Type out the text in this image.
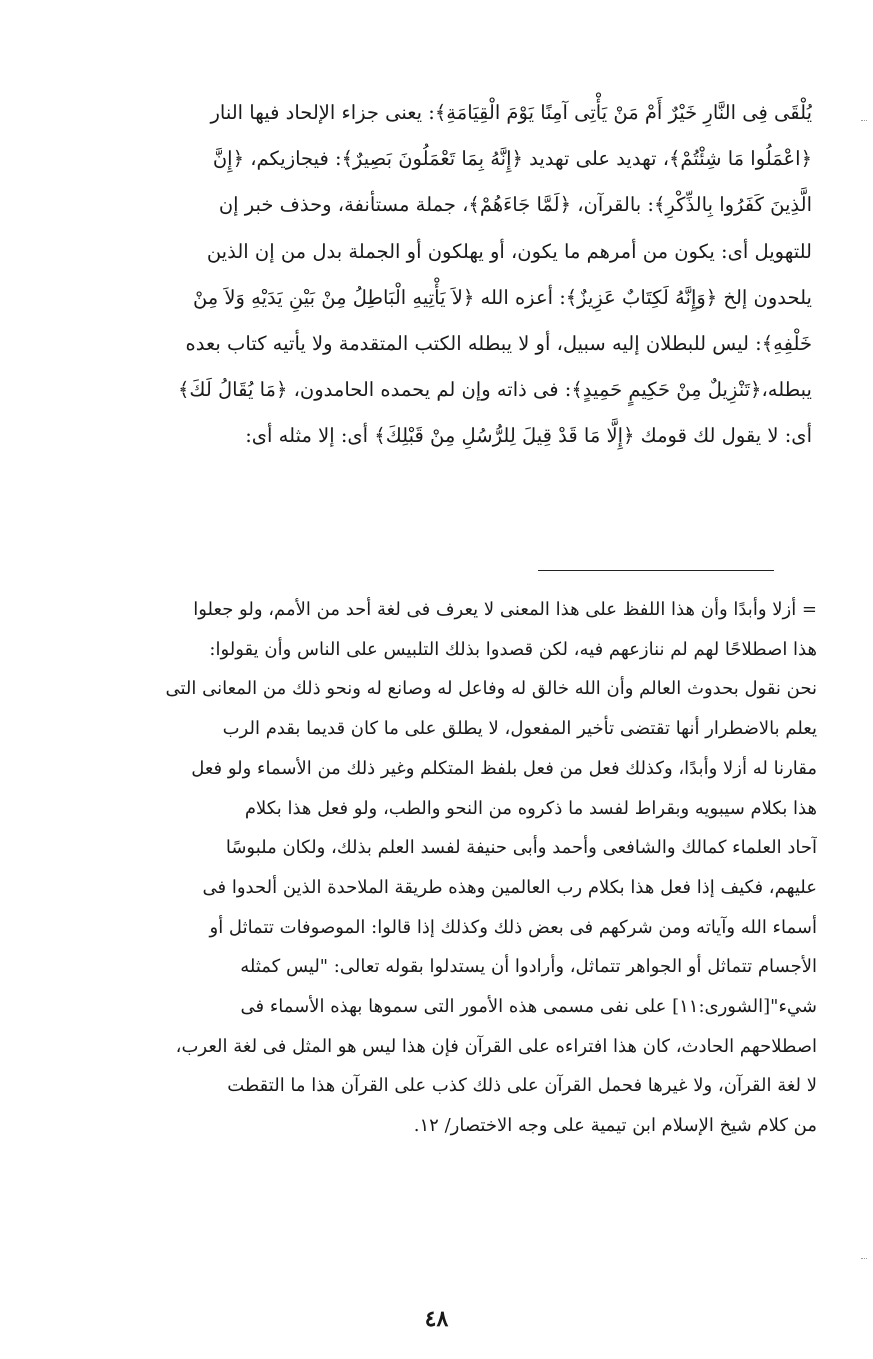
يُلْقَى فِى النَّارِ خَيْرٌ أَمْ مَنْ يَأْتِى آمِنًا يَوْمَ الْقِيَامَةِ﴾: يعنى جزاء الإلحاد فيها النار
﴿اعْمَلُوا مَا شِئْتُمْ﴾، تهديد على تهديد ﴿إِنَّهُ بِمَا تَعْمَلُونَ بَصِيرٌ﴾: فيجازيكم، ﴿إِنَّ
الَّذِينَ كَفَرُوا بِالذِّكْرِ﴾: بالقرآن، ﴿لَمَّا جَاءَهُمْ﴾، جملة مستأنفة، وحذف خبر إن
للتهويل أى: يكون من أمرهم ما يكون، أو يهلكون أو الجملة بدل من إن الذين
يلحدون إلخ ﴿وَإِنَّهُ لَكِتَابٌ عَزِيزٌ﴾: أعزه الله ﴿لاَ يَأْتِيهِ الْبَاطِلُ مِنْ بَيْنِ يَدَيْهِ وَلاَ مِنْ
خَلْفِهِ﴾: ليس للبطلان إليه سبيل، أو لا يبطله الكتب المتقدمة ولا يأتيه كتاب بعده
يبطله،﴿تَنْزِيلٌ مِنْ حَكِيمٍ حَمِيدٍ﴾: فى ذاته وإن لم يحمده الحامدون، ﴿مَا يُقَالُ لَكَ﴾
أى: لا يقول لك قومك ﴿إِلَّا مَا قَدْ قِيلَ لِلرُّسُلِ مِنْ قَبْلِكَ﴾ أى: إلا مثله أى:
= أزلا وأبدًا وأن هذا اللفظ على هذا المعنى لا يعرف فى لغة أحد من الأمم، ولو جعلوا
هذا اصطلاحًا لهم لم ننازعهم فيه، لكن قصدوا بذلك التلبيس على الناس وأن يقولوا:
نحن نقول بحدوث العالم وأن الله خالق له وفاعل له وصانع له ونحو ذلك من المعانى التى
يعلم بالاضطرار أنها تقتضى تأخير المفعول، لا يطلق على ما كان قديما بقدم الرب
مقارنا له أزلا وأبدًا، وكذلك فعل من فعل بلفظ المتكلم وغير ذلك من الأسماء ولو فعل
هذا بكلام سيبويه وبقراط لفسد ما ذكروه من النحو والطب، ولو فعل هذا بكلام
آحاد العلماء كمالك والشافعى وأحمد وأبى حنيفة لفسد العلم بذلك، ولكان ملبوسًا
عليهم، فكيف إذا فعل هذا بكلام رب العالمين وهذه طريقة الملاحدة الذين ألحدوا فى
أسماء الله وآياته ومن شركهم فى بعض ذلك وكذلك إذا قالوا: الموصوفات تتماثل أو
الأجسام تتماثل أو الجواهر تتماثل، وأرادوا أن يستدلوا بقوله تعالى: "ليس كمثله
شيء"[الشورى:١١] على نفى مسمى هذه الأمور التى سموها بهذه الأسماء فى
اصطلاحهم الحادث، كان هذا افتراءه على القرآن فإن هذا ليس هو المثل فى لغة العرب،
لا لغة القرآن، ولا غيرها فحمل القرآن على ذلك كذب على القرآن هذا ما التقطت
من كلام شيخ الإسلام ابن تيمية على وجه الاختصار/ ١٢.
٤٨
